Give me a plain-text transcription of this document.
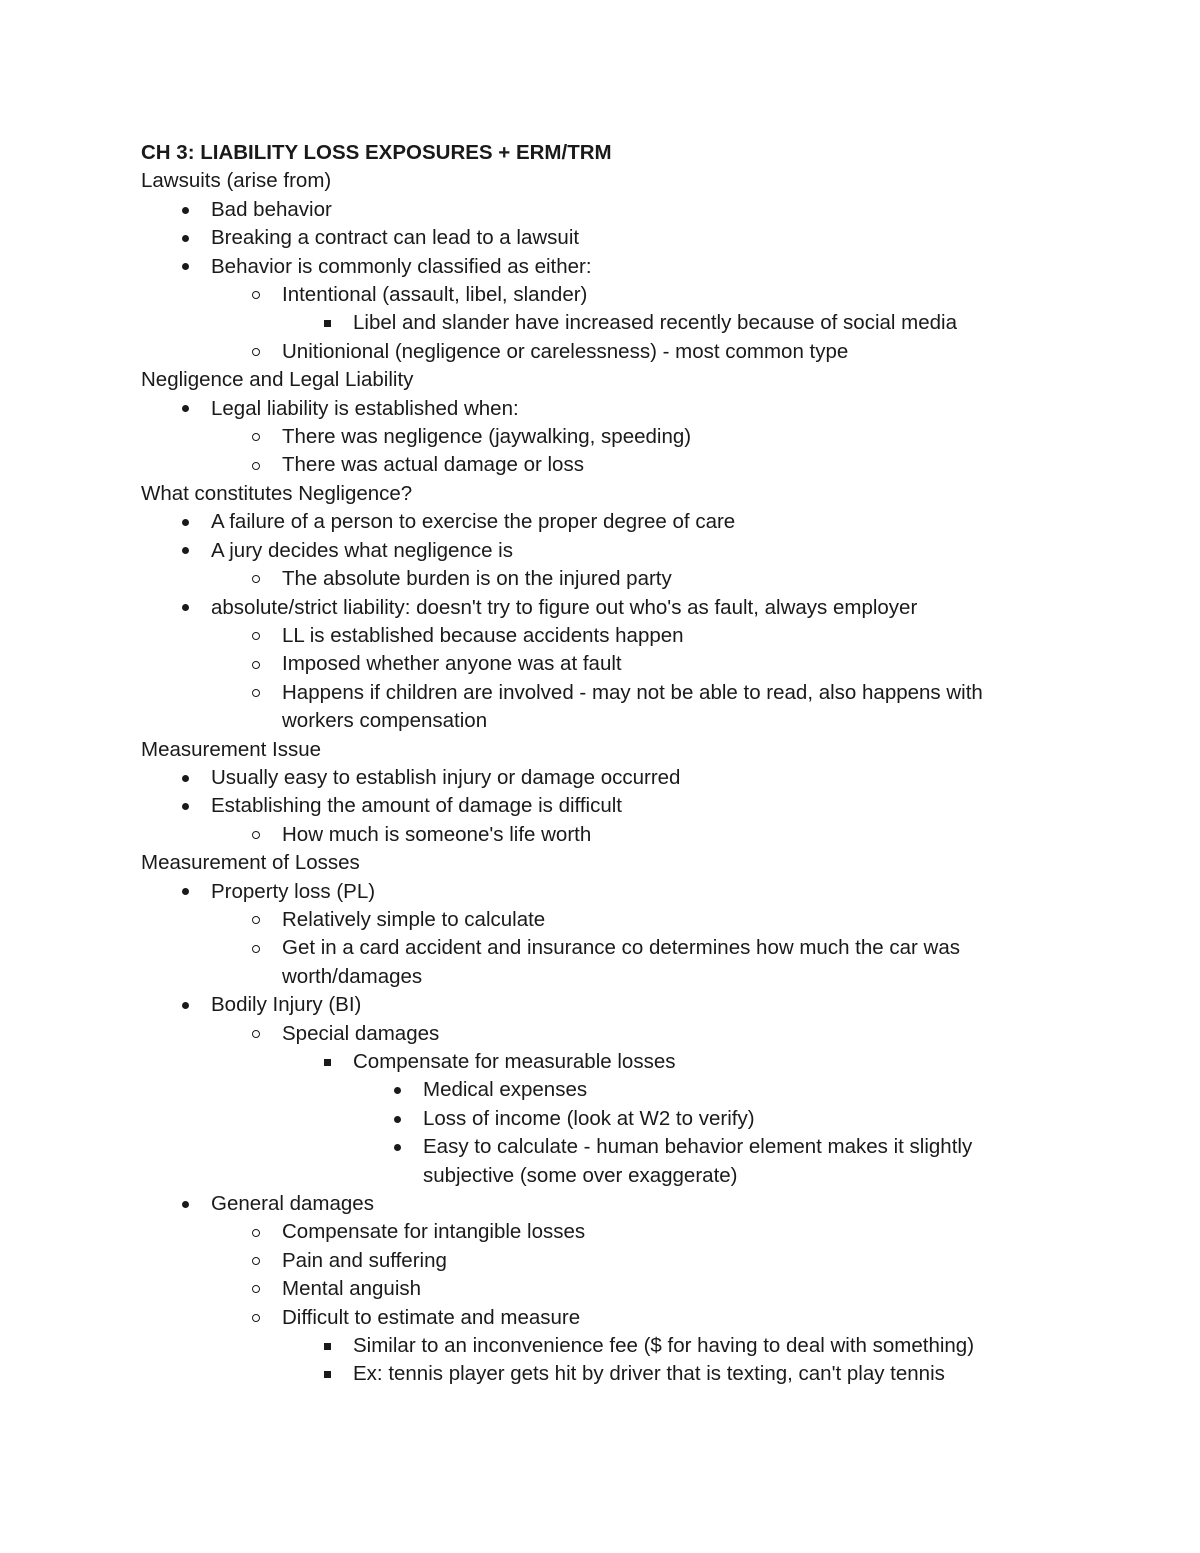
CH 3: LIABILITY LOSS EXPOSURES + ERM/TRM
Lawsuits (arise from)
Bad behavior
Breaking a contract can lead to a lawsuit
Behavior is commonly classified as either:
Intentional (assault, libel, slander)
Libel and slander have increased recently because of social media
Unitionional (negligence or carelessness) - most common type
Negligence and Legal Liability
Legal liability is established when:
There was negligence (jaywalking, speeding)
There was actual damage or loss
What constitutes Negligence?
A failure of a person to exercise the proper degree of care
A jury decides what negligence is
The absolute burden is on the injured party
absolute/strict liability: doesn't try to figure out who's as fault, always employer
LL is established because accidents happen
Imposed whether anyone was at fault
Happens if children are involved - may not be able to read, also happens with
workers compensation
Measurement Issue
Usually easy to establish injury or damage occurred
Establishing the amount of damage is difficult
How much is someone's life worth
Measurement of Losses
Property loss (PL)
Relatively simple to calculate
Get in a card accident and insurance co determines how much the car was
worth/damages
Bodily Injury (BI)
Special damages
Compensate for measurable losses
Medical expenses
Loss of income (look at W2 to verify)
Easy to calculate - human behavior element makes it slightly
subjective (some over exaggerate)
General damages
Compensate for intangible losses
Pain and suffering
Mental anguish
Difficult to estimate and measure
Similar to an inconvenience fee ($ for having to deal with something)
Ex: tennis player gets hit by driver that is texting, can't play tennis
